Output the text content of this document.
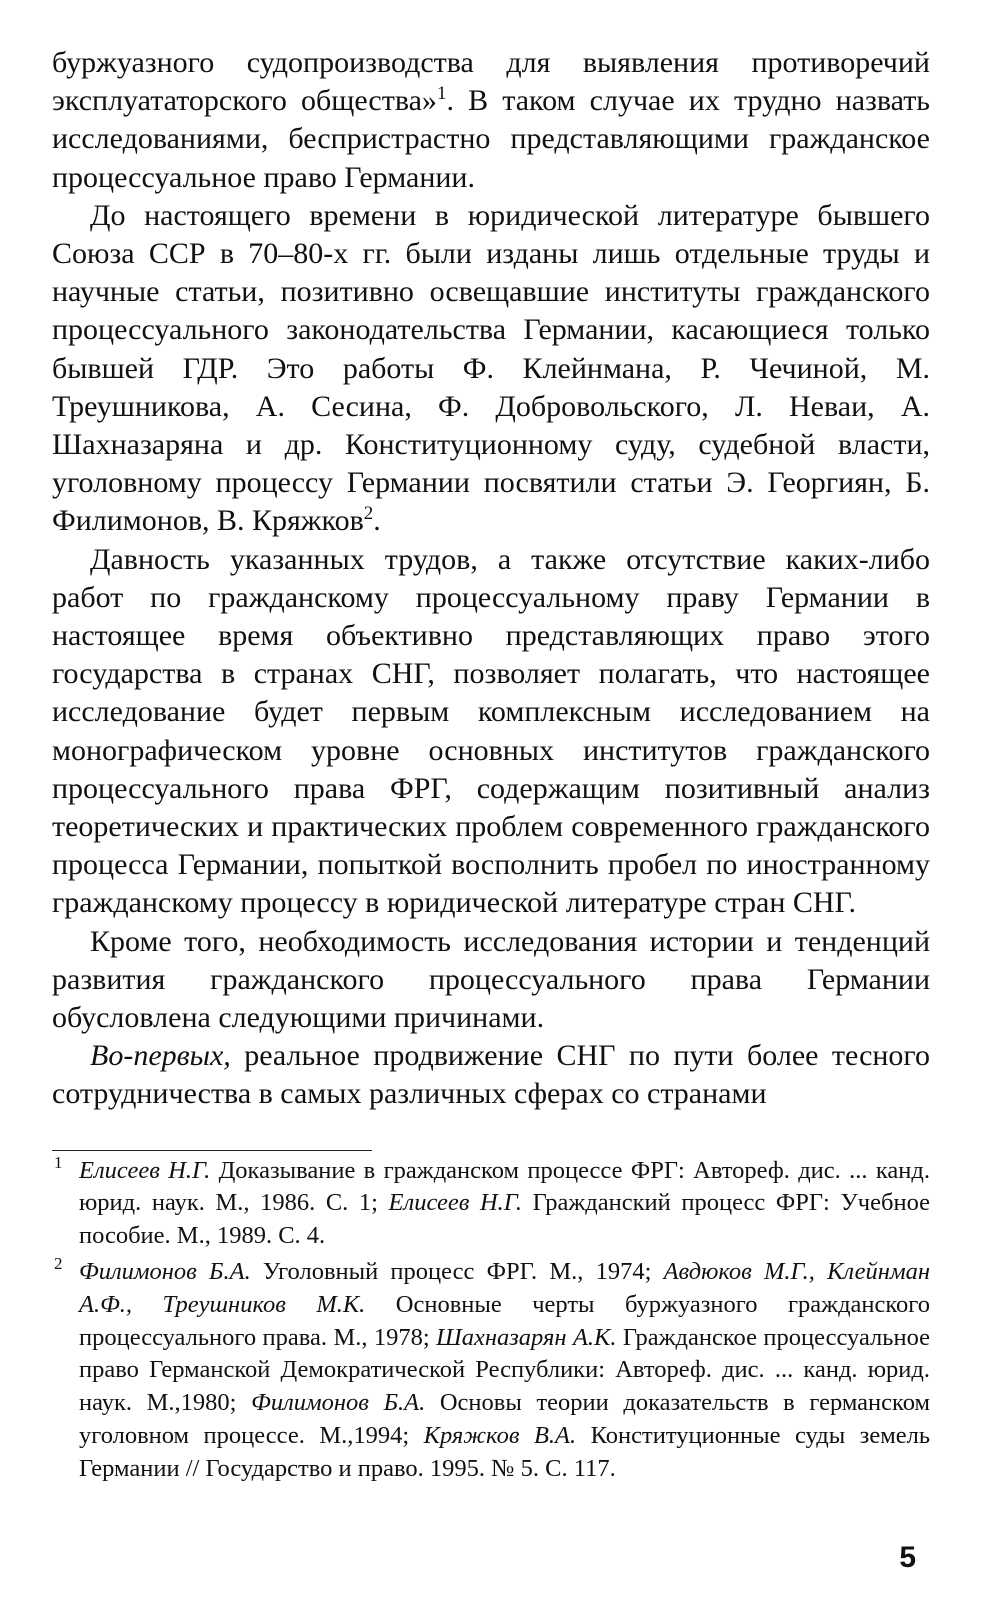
буржуазного судопроизводства для выявления противоречий эксплуататорского общества»$^1$. В таком случае их трудно назвать исследованиями, беспристрастно представляющими гражданское процессуальное право Германии.

До настоящего времени в юридической литературе бывшего Союза ССР в 70–80-х гг. были изданы лишь отдельные труды и научные статьи, позитивно освещавшие институты гражданского процессуального законодательства Германии, касающиеся только бывшей ГДР. Это работы Ф. Клейнмана, Р. Чечиной, М. Треушникова, А. Сесина, Ф. Добровольского, Л. Неваи, А. Шахназаряна и др. Конституционному суду, судебной власти, уголовному процессу Германии посвятили статьи Э. Георгиян, Б. Филимонов, В. Кряжков$^2$.

Давность указанных трудов, а также отсутствие каких-либо работ по гражданскому процессуальному праву Германии в настоящее время объективно представляющих право этого государства в странах СНГ, позволяет полагать, что настоящее исследование будет первым комплексным исследованием на монографическом уровне основных институтов гражданского процессуального права ФРГ, содержащим позитивный анализ теоретических и практических проблем современного гражданского процесса Германии, попыткой восполнить пробел по иностранному гражданскому процессу в юридической литературе стран СНГ.

Кроме того, необходимость исследования истории и тенденций развития гражданского процессуального права Германии обусловлена следующими причинами.

Во-первых, реальное продвижение СНГ по пути более тесного сотрудничества в самых различных сферах со странами

1 Елисеев Н.Г. Доказывание в гражданском процессе ФРГ: Автореф. дис. ... канд. юрид. наук. М., 1986. С. 1; Елисеев Н.Г. Гражданский процесс ФРГ: Учебное пособие. М., 1989. С. 4.

2 Филимонов Б.А. Уголовный процесс ФРГ. М., 1974; Авдюков М.Г., Клейнман А.Ф., Треушников М.К. Основные черты буржуазного гражданского процессуального права. М., 1978; Шахназарян А.К. Гражданское процессуальное право Германской Демократической Республики: Автореф. дис. ... канд. юрид. наук. М.,1980; Филимонов Б.А. Основы теории доказательств в германском уголовном процессе. М.,1994; Кряжков В.А. Конституционные суды земель Германии // Государство и право. 1995. № 5. С. 117.

5
